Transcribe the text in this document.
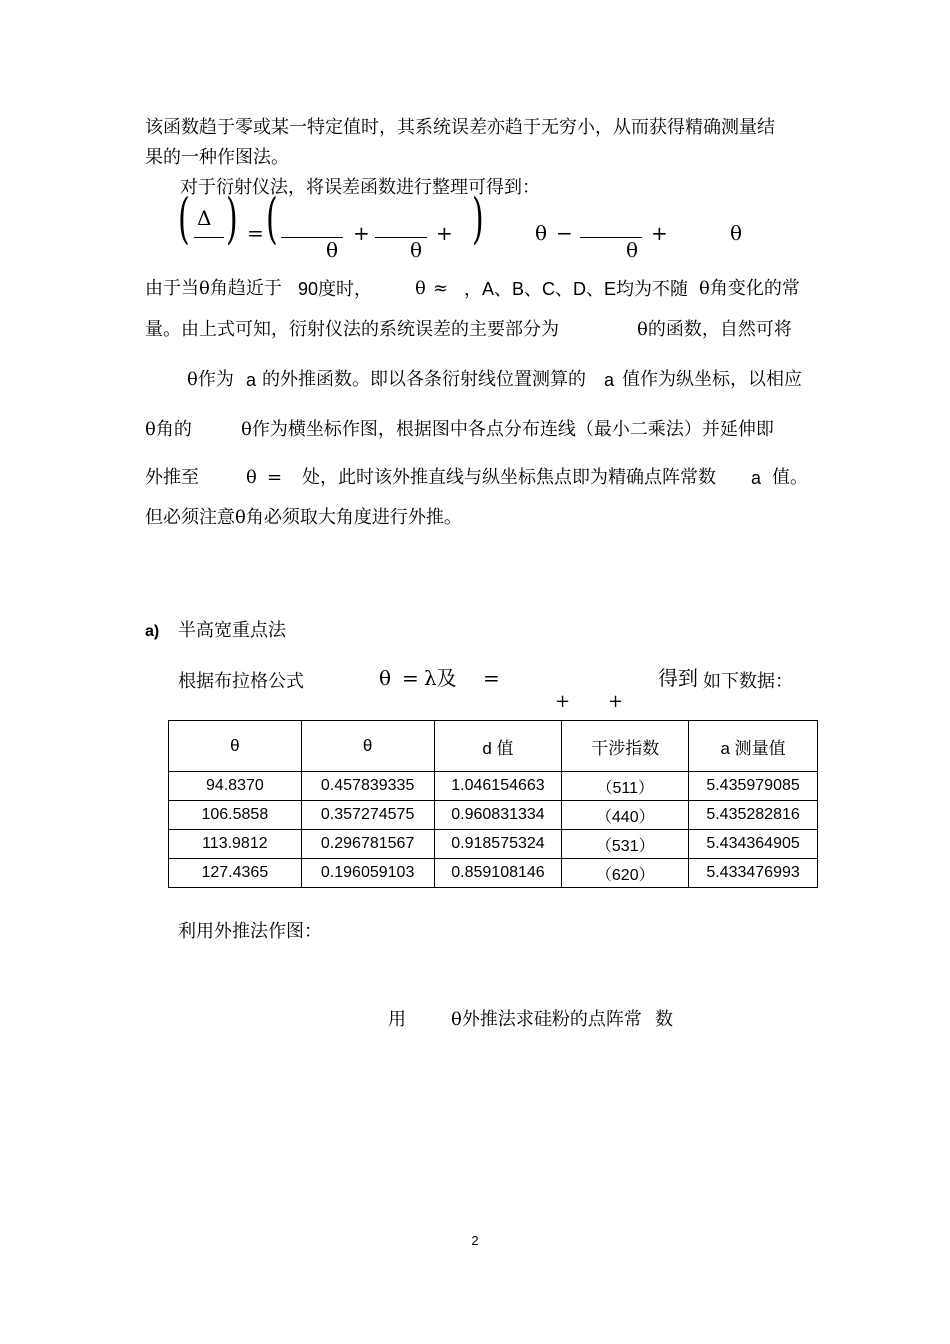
该函数趋于零或某一特定值时，其系统误差亦趋于无穷小，从而获得精确测量结
果的一种作图法。
对于衍射仪法，将误差函数进行整理可得到：
( Δ ) = ( θ
+
θ
+ )	θ −
θ
+	θ
由于当θ角趋近于 90度时， θ ≈ ，A、B、C、D、E均为不随 θ角变化的常
量。由上式可知，衍射仪法的系统误差的主要部分为	θ的函数，自然可将
θ作为 a 的外推函数。即以各条衍射线位置测算的 a 值作为纵坐标，以相应
θ角的	θ作为横坐标作图，根据图中各点分布连线（最小二乘法）并延伸即
外推至	θ = 处，此时该外推直线与纵坐标焦点即为精确点阵常数 a 值。
但必须注意θ角必须取大角度进行外推。
a) 半高宽重点法
根据布拉格公式	θ = λ及 =	得到 如下数据：
+ +
θ	θ	d 值	干涉指数	a 测量值
94.8370	0.457839335	1.046154663	（511）	5.435979085
106.5858	0.357274575	0.960831334	（440）	5.435282816
113.9812	0.296781567	0.918575324	（531）	5.434364905
127.4365	0.196059103	0.859108146	（620）	5.433476993
利用外推法作图：
用	θ外推法求硅粉的点阵常 数
2
